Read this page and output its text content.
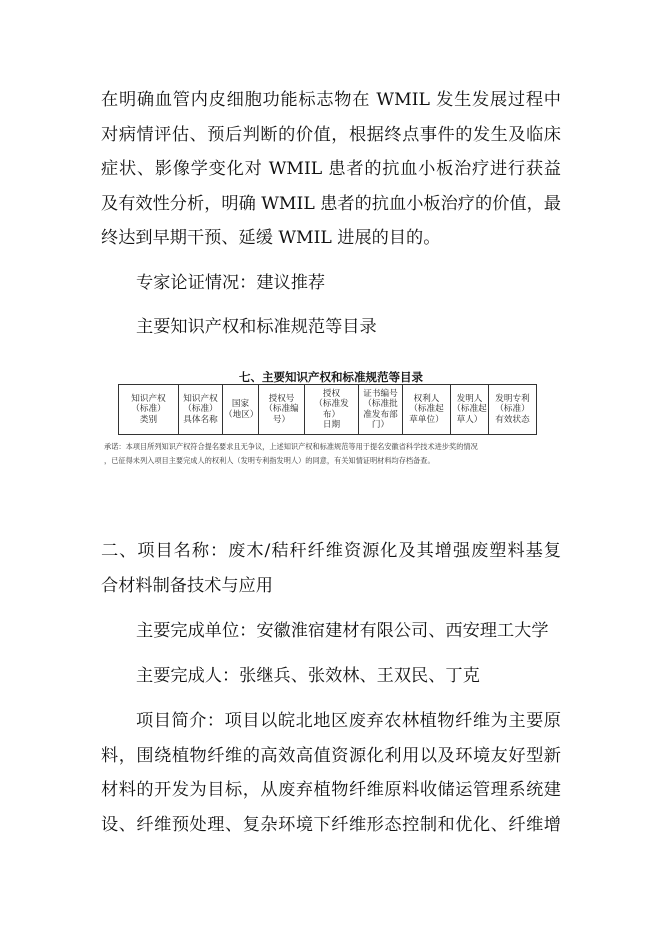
在明确血管内皮细胞功能标志物在 WMIL 发生发展过程中
对病情评估、预后判断的价值，根据终点事件的发生及临床
症状、影像学变化对 WMIL 患者的抗血小板治疗进行获益
及有效性分析，明确 WMIL 患者的抗血小板治疗的价值，最
终达到早期干预、延缓 WMIL 进展的目的。
专家论证情况：建议推荐
主要知识产权和标准规范等目录
七、主要知识产权和标准规范等目录
知识产权
（标准）
类别	知识产权
（标准）
具体名称	国家
（地区）	授权号
（标准编
号）	授权
（标准发布）
日期	证书编号
（标准批
准发布部
门）	权利人
（标准起
草单位）	发明人
（标准起
草人）	发明专利
（标准）
有效状态
承诺：本项目所列知识产权符合提名要求且无争议，上述知识产权和标准规范等用于提名安徽省科学技术进步奖的情况
，已征得未列入项目主要完成人的权利人（发明专利指发明人）的同意，有关知情证明材料均存档备查。
二、项目名称：废木/秸秆纤维资源化及其增强废塑料基复
合材料制备技术与应用
主要完成单位：安徽淮宿建材有限公司、西安理工大学
主要完成人：张继兵、张效林、王双民、丁克
项目简介：项目以皖北地区废弃农林植物纤维为主要原
料，围绕植物纤维的高效高值资源化利用以及环境友好型新
材料的开发为目标，从废弃植物纤维原料收储运管理系统建
设、纤维预处理、复杂环境下纤维形态控制和优化、纤维增
